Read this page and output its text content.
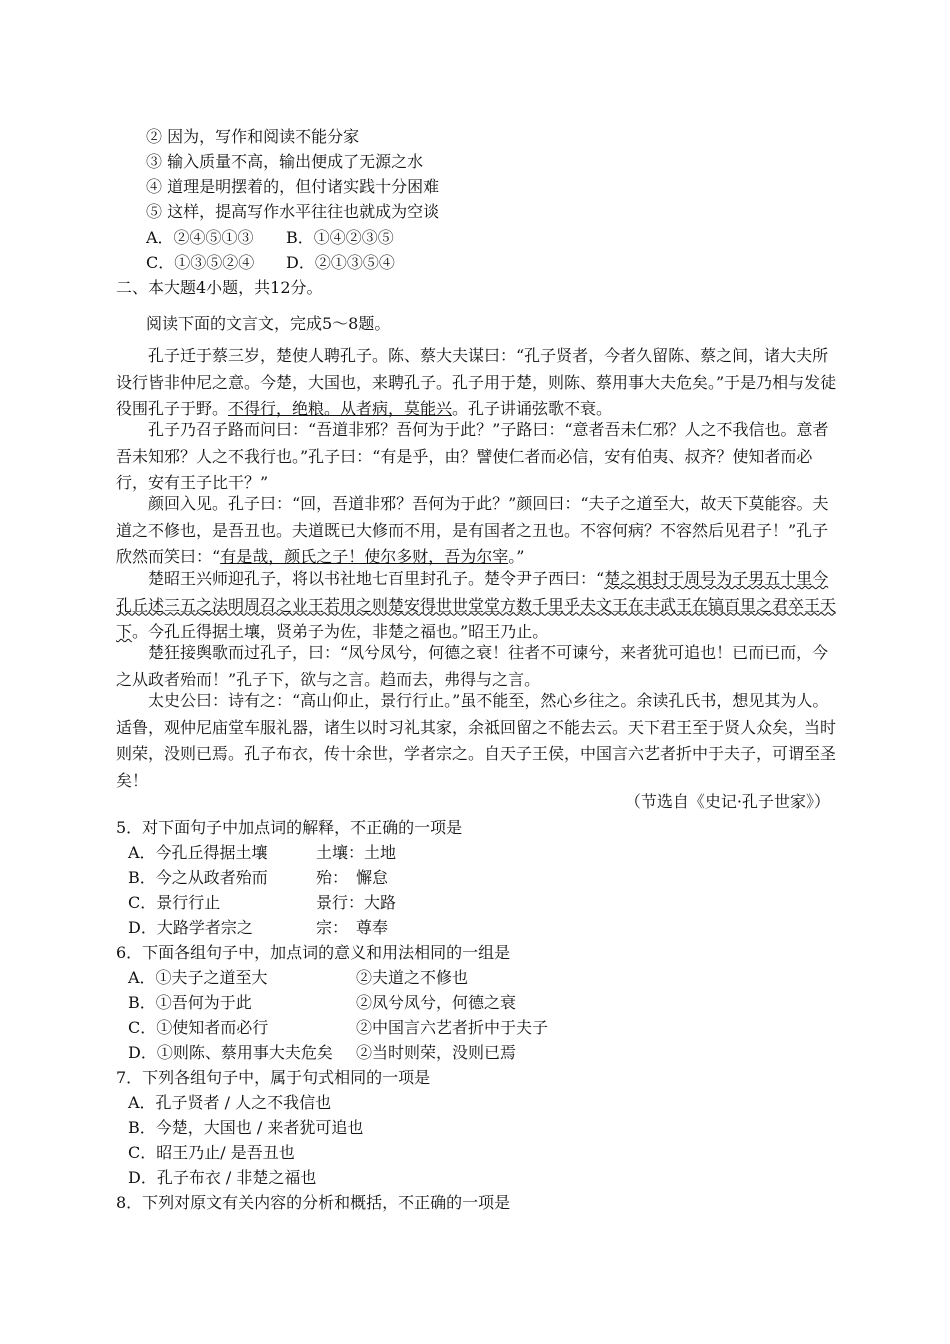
② 因为，写作和阅读不能分家
③ 输入质量不高，输出便成了无源之水
④ 道理是明摆着的，但付诸实践十分困难
⑤ 这样，提高写作水平往往也就成为空谈
A．②④⑤①③ B．①④②③⑤
C．①③⑤②④ D．②①③⑤④
二、本大题4小题，共12分。
阅读下面的文言文，完成5～8题。
孔子迁于蔡三岁，楚使人聘孔子。陈、蔡大夫谋曰：“孔子贤者，今者久留陈、蔡之间，诸大夫所设行皆非仲尼之意。今楚，大国也，来聘孔子。孔子用于楚，则陈、蔡用事大夫危矣。”于是乃相与发徒役围孔子于野。不得行，绝粮。从者病，莫能兴。孔子讲诵弦歌不衰。
孔子乃召子路而问曰：“吾道非邪？吾何为于此？”子路曰：“意者吾未仁邪？人之不我信也。意者吾未知邪？人之不我行也。”孔子曰：“有是乎，由？譬使仁者而必信，安有伯夷、叔齐？使知者而必行，安有王子比干？”
颜回入见。孔子曰：“回，吾道非邪？吾何为于此？”颜回曰：“夫子之道至大，故天下莫能容。夫道之不修也，是吾丑也。夫道既已大修而不用，是有国者之丑也。不容何病？不容然后见君子！”孔子欣然而笑曰：“有是哉，颜氏之子！使尔多财，吾为尔宰。”
楚昭王兴师迎孔子，将以书社地七百里封孔子。楚令尹子西曰：“楚之祖封于周号为子男五十里今孔丘述三五之法明周召之业王若用之则楚安得世世堂堂方数千里乎夫文王在丰武王在镐百里之君卒王天下。今孔丘得据土壤，贤弟子为佐，非楚之福也。”昭王乃止。
楚狂接舆歌而过孔子，曰：“凤兮凤兮，何德之衰！往者不可谏兮，来者犹可追也！已而已而，今之从政者殆而！”孔子下，欲与之言。趋而去，弗得与之言。
太史公曰：诗有之：“高山仰止，景行行止。”虽不能至，然心乡往之。余读孔氏书，想见其为人。适鲁，观仲尼庙堂车服礼器，诸生以时习礼其家，余祗回留之不能去云。天下君王至于贤人众矣，当时则荣，没则已焉。孔子布衣，传十余世，学者宗之。自天子王侯，中国言六艺者折中于夫子，可谓至圣矣！
（节选自《史记·孔子世家》）
5．对下面句子中加点词的解释，不正确的一项是
A．今孔丘得据土壤	土壤：土地
B．今之从政者殆而	殆：　懈怠
C．景行行止	景行：大路
D．大路学者宗之	宗：　尊奉
6．下面各组句子中，加点词的意义和用法相同的一组是
A．①夫子之道至大	②夫道之不修也
B．①吾何为于此	②凤兮凤兮，何德之衰
C．①使知者而必行	②中国言六艺者折中于夫子
D．①则陈、蔡用事大夫危矣 ②当时则荣，没则已焉
7．下列各组句子中，属于句式相同的一项是
A．孔子贤者 / 人之不我信也
B．今楚，大国也 / 来者犹可追也
C．昭王乃止/ 是吾丑也
D．孔子布衣 / 非楚之福也
8．下列对原文有关内容的分析和概括，不正确的一项是
